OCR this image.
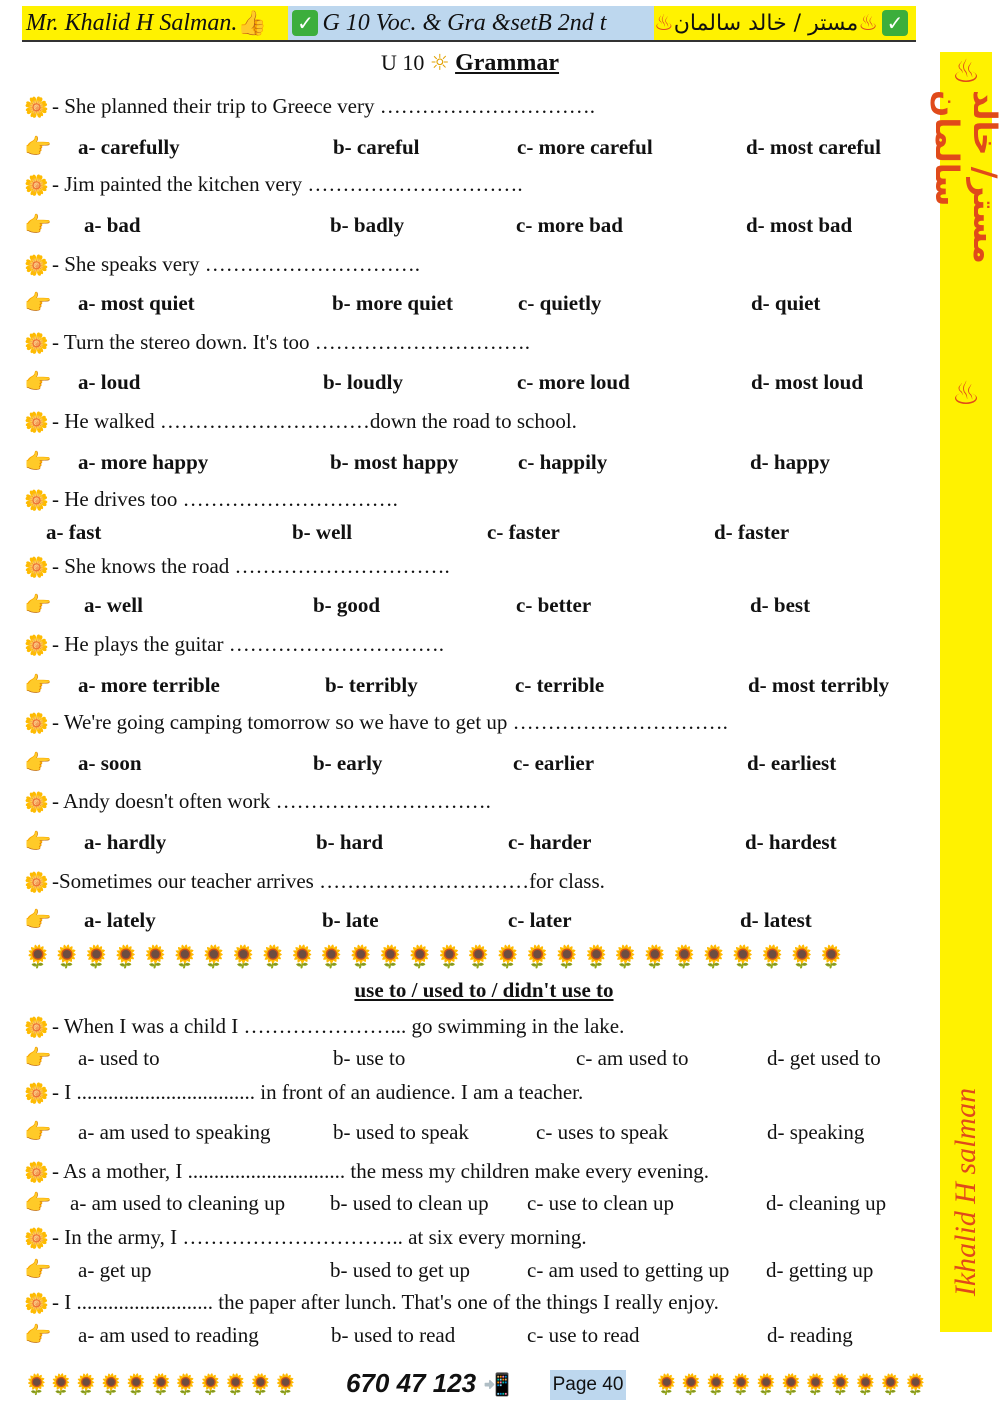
Mr. Khalid H Salman. 👍 ✓ G 10 Voc. & Gra &setB 2nd t	✓
♨
مستر / خالد سالمان
♨
♨
مستر/ خالد سالمان
♨
Ikhalid H salman
U 10 ☼ Grammar
🌼 - She planned their trip to Greece very ………………………….
👉 a- carefully	b- careful	c- more careful	d- most careful
🌼 - Jim painted the kitchen very ………………………….
👉 a- bad	b- badly	c- more bad	d- most bad
🌼 - She speaks very ………………………….
👉 a- most quiet	b- more quiet	c- quietly	d- quiet
🌼 - Turn the stereo down. It's too ………………………….
👉 a- loud	b- loudly	c- more loud	d- most loud
🌼 - He walked …………………………down the road to school.
👉 a- more happy	b- most happy	c- happily	d- happy
🌼 - He drives too ………………………….
a- fast	b- well	c- faster	d- faster
🌼 - She knows the road ………………………….
👉 a- well	b- good	c- better	d- best
🌼 - He plays the guitar ………………………….
👉 a- more terrible	b- terribly	c- terrible	d- most terribly
🌼 - We're going camping tomorrow so we have to get up ………………………….
👉 a- soon	b- early	c- earlier	d- earliest
🌼 - Andy doesn't often work ………………………….
👉 a- hardly	b- hard	c- harder	d- hardest
🌼 -Sometimes our teacher arrives …………………………for class.
👉 a- lately	b- late	c- later	d- latest
🌻🌻🌻🌻🌻🌻🌻🌻🌻🌻🌻🌻🌻🌻🌻🌻🌻🌻🌻🌻🌻🌻🌻🌻🌻🌻🌻🌻
use to / used to / didn't use to
🌼 - When I was a child I …………………... go swimming in the lake.
👉 a- used to	b- use to	c- am used to	d- get used to
🌼 - I .................................. in front of an audience. I am a teacher.
👉 a- am used to speaking	b- used to speak	c- uses to speak	d- speaking
🌼 - As a mother, I .............................. the mess my children make every evening.
👉 a- am used to cleaning up b- used to clean up c- use to clean up	d- cleaning up
🌼 - In the army, I ………………………….. at six every morning.
👉 a- get up	b- used to get up	c- am used to getting up d- getting up
🌼 - I .......................... the paper after lunch. That's one of the things I really enjoy.
👉 a- am used to reading	b- used to read	c- use to read	d- reading
🌻🌻🌻🌻🌻🌻🌻🌻🌻🌻🌻 670 47 123 📲 Page 40 🌻🌻🌻🌻🌻🌻🌻🌻🌻🌻🌻
